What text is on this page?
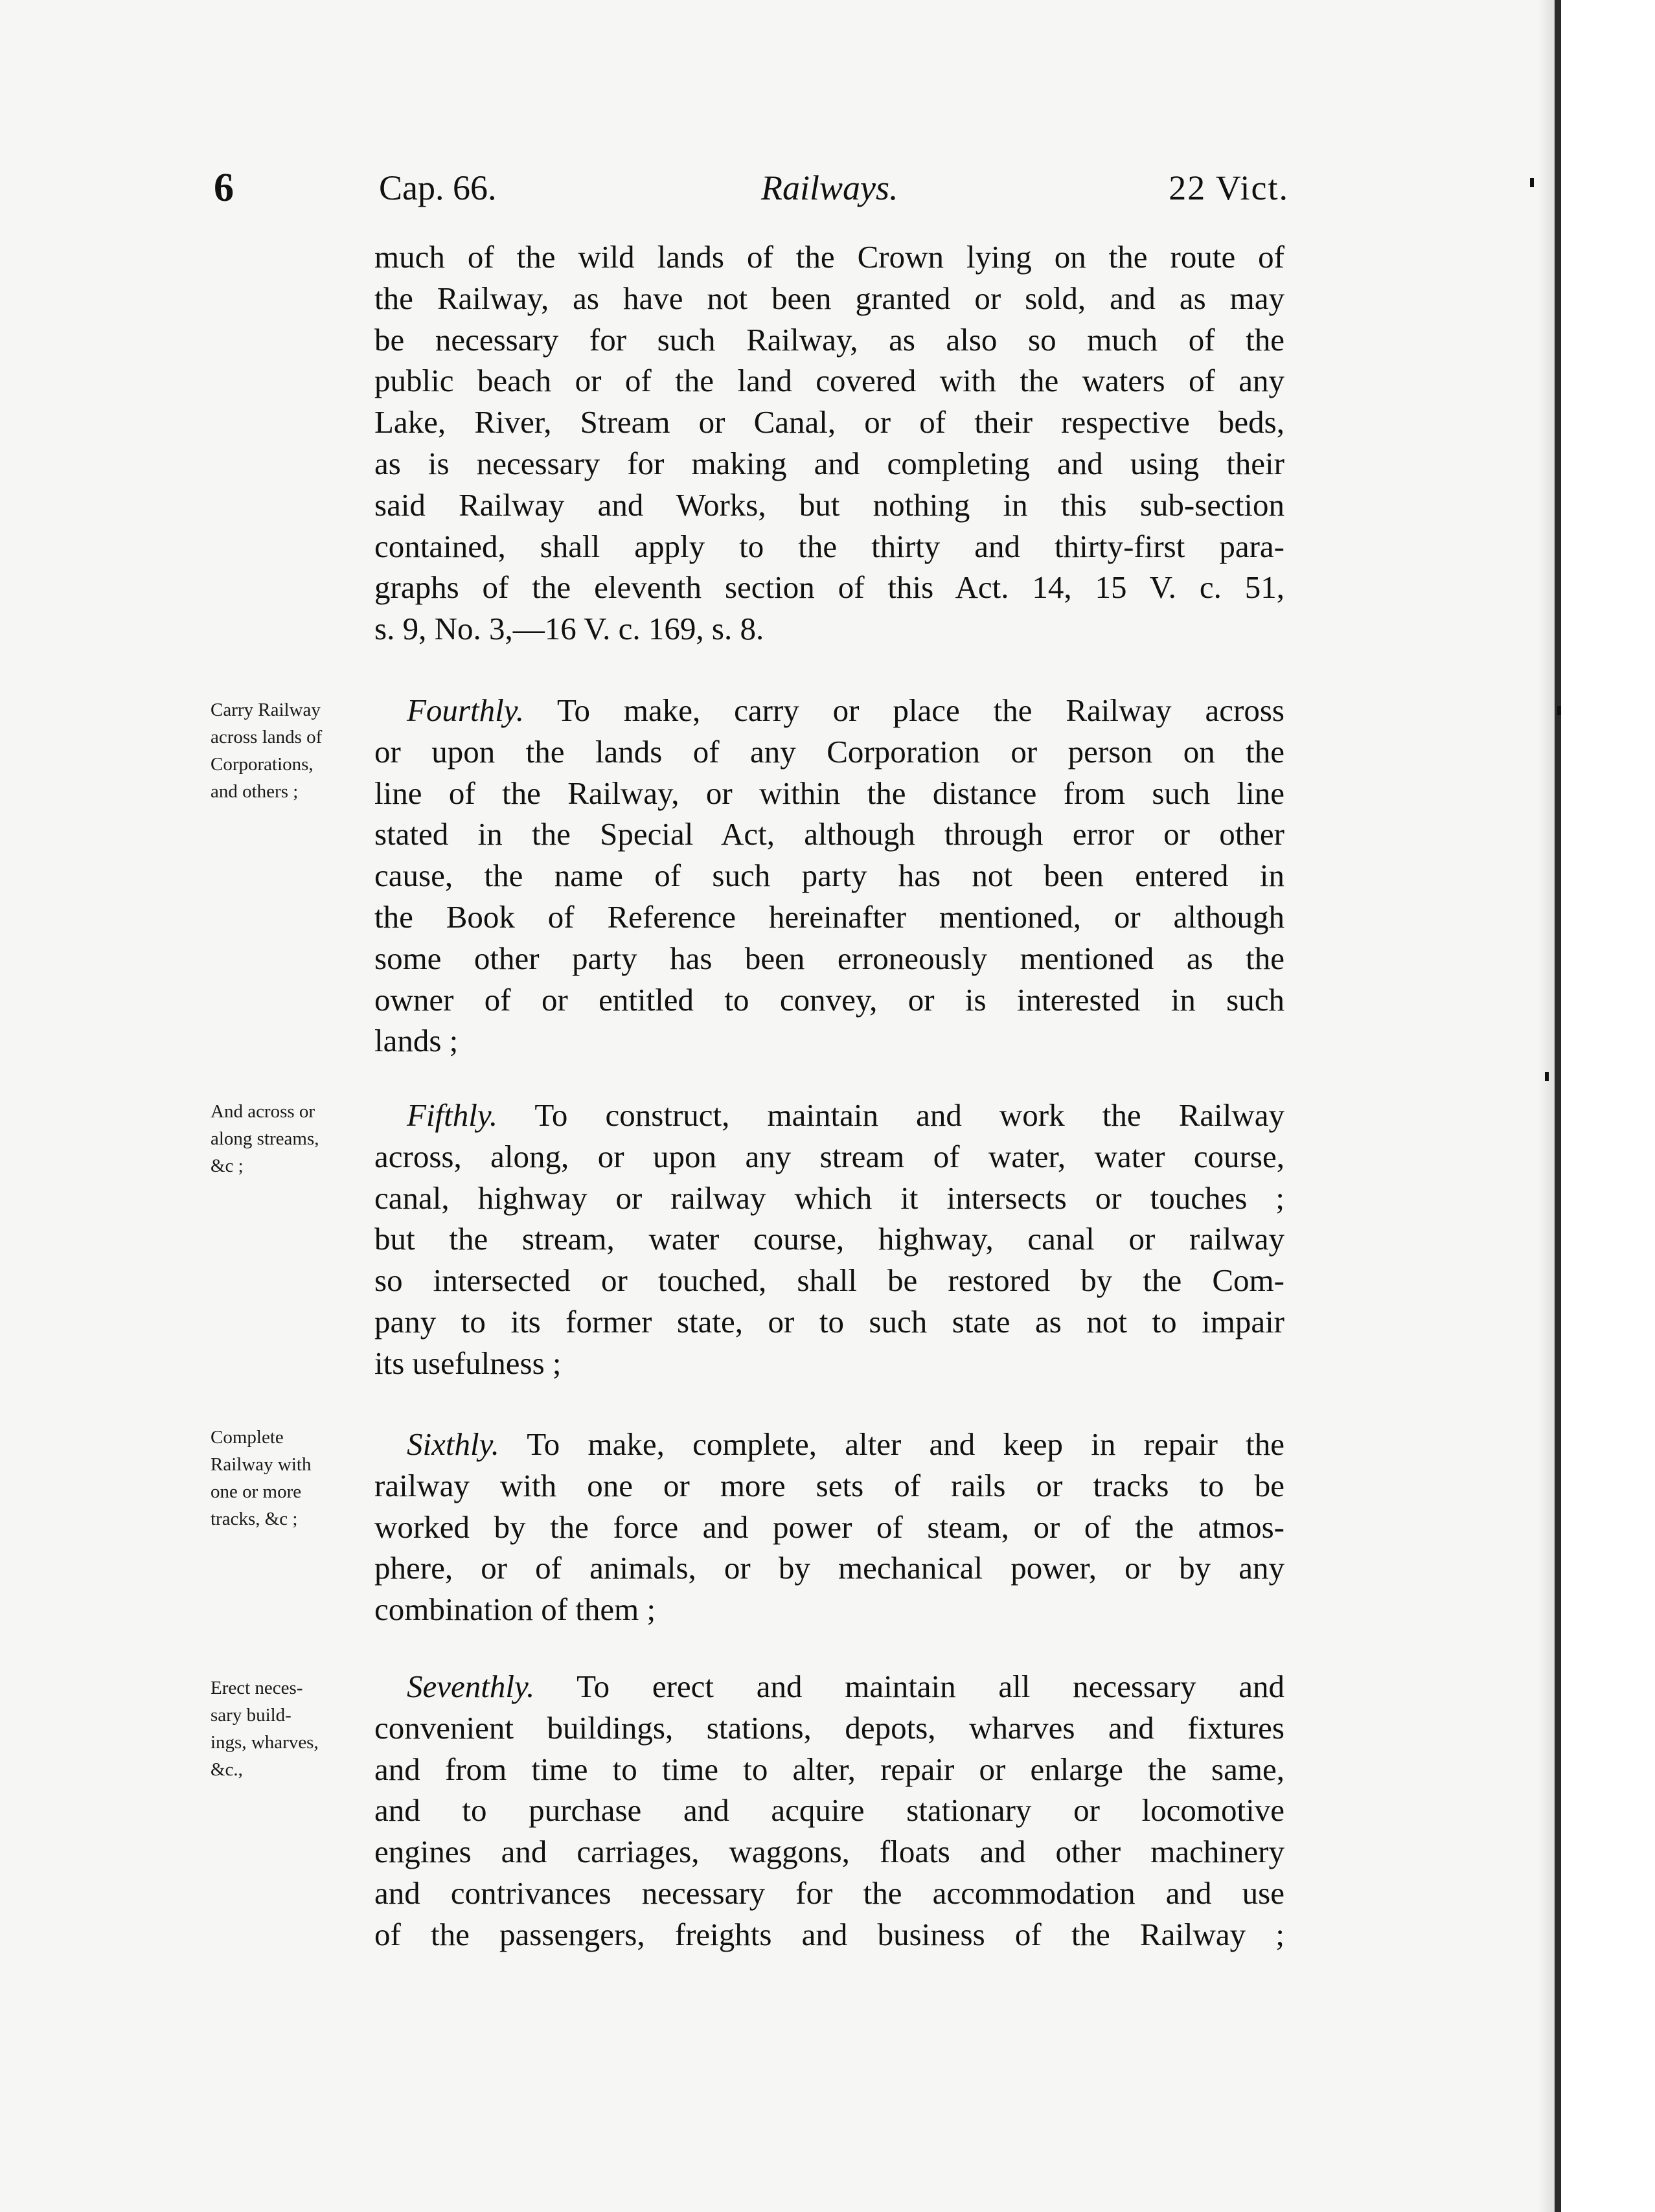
6	Cap. 66.	Railways.	22 Vict.
much of the wild lands of the Crown lying on the route of
the Railway, as have not been granted or sold, and as may
be necessary for such Railway, as also so much of the
public beach or of the land covered with the waters of any
Lake, River, Stream or Canal, or of their respective beds,
as is necessary for making and completing and using their
said Railway and Works, but nothing in this sub-section
contained, shall apply to the thirty and thirty-first para-
graphs of the eleventh section of this Act. 14, 15 V. c. 51,
s. 9, No. 3,—16 V. c. 169, s. 8.
Carry Railway
across lands of
Corporations,
and others ;
Fourthly. To make, carry or place the Railway across
or upon the lands of any Corporation or person on the
line of the Railway, or within the distance from such line
stated in the Special Act, although through error or other
cause, the name of such party has not been entered in
the Book of Reference hereinafter mentioned, or although
some other party has been erroneously mentioned as the
owner of or entitled to convey, or is interested in such
lands ;
And across or
along streams,
&c ;
Fifthly. To construct, maintain and work the Railway
across, along, or upon any stream of water, water course,
canal, highway or railway which it intersects or touches ;
but the stream, water course, highway, canal or railway
so intersected or touched, shall be restored by the Com-
pany to its former state, or to such state as not to impair
its usefulness ;
Complete
Railway with
one or more
tracks, &c ;
Sixthly. To make, complete, alter and keep in repair the
railway with one or more sets of rails or tracks to be
worked by the force and power of steam, or of the atmos-
phere, or of animals, or by mechanical power, or by any
combination of them ;
Erect neces-
sary build-
ings, wharves,
&c.,
Seventhly. To erect and maintain all necessary and
convenient buildings, stations, depots, wharves and fixtures
and from time to time to alter, repair or enlarge the same,
and to purchase and acquire stationary or locomotive
engines and carriages, waggons, floats and other machinery
and contrivances necessary for the accommodation and use
of the passengers, freights and business of the Railway ;
